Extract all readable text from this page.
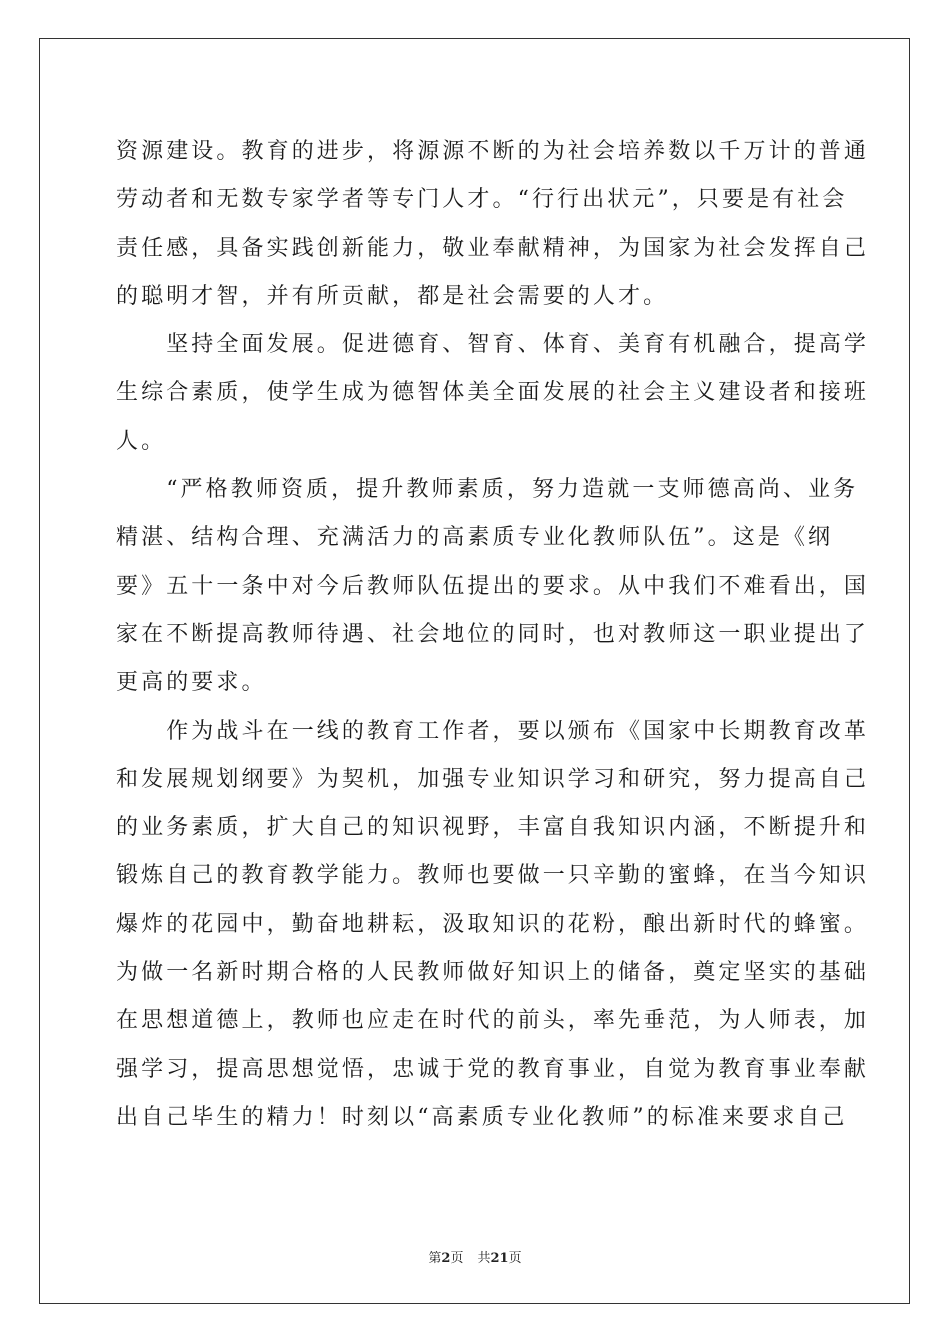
资源建设。教育的进步，将源源不断的为社会培养数以千万计的普通
劳动者和无数专家学者等专门人才。“行行出状元”，只要是有社会
责任感，具备实践创新能力，敬业奉献精神，为国家为社会发挥自己
的聪明才智，并有所贡献，都是社会需要的人才。
　　坚持全面发展。促进德育、智育、体育、美育有机融合，提高学
生综合素质，使学生成为德智体美全面发展的社会主义建设者和接班
人。
　　“严格教师资质，提升教师素质，努力造就一支师德高尚、业务
精湛、结构合理、充满活力的高素质专业化教师队伍”。这是《纲
要》五十一条中对今后教师队伍提出的要求。从中我们不难看出，国
家在不断提高教师待遇、社会地位的同时，也对教师这一职业提出了
更高的要求。
　　作为战斗在一线的教育工作者，要以颁布《国家中长期教育改革
和发展规划纲要》为契机，加强专业知识学习和研究，努力提高自己
的业务素质，扩大自己的知识视野，丰富自我知识内涵，不断提升和
锻炼自己的教育教学能力。教师也要做一只辛勤的蜜蜂，在当今知识
爆炸的花园中，勤奋地耕耘，汲取知识的花粉，酿出新时代的蜂蜜。
为做一名新时期合格的人民教师做好知识上的储备，奠定坚实的基础
在思想道德上，教师也应走在时代的前头，率先垂范，为人师表，加
强学习，提高思想觉悟，忠诚于党的教育事业，自觉为教育事业奉献
出自己毕生的精力！时刻以“高素质专业化教师”的标准来要求自己
第2页 共21页
